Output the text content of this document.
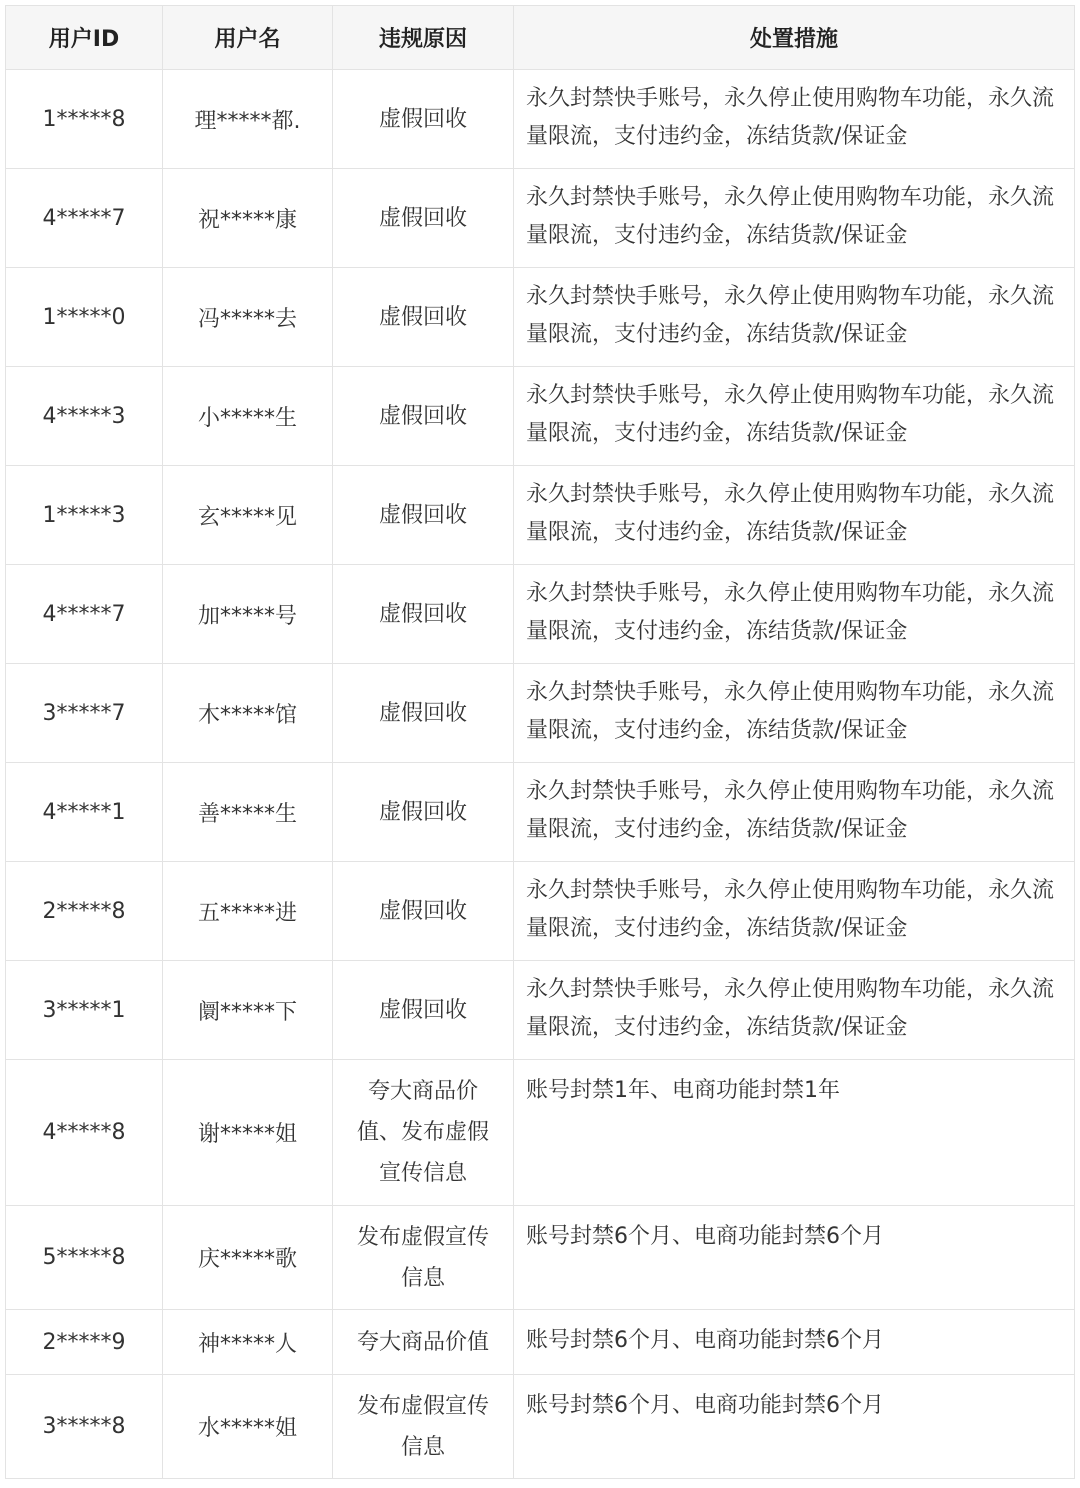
用户ID	用户名	违规原因	处置措施
1*****8	理*****都.	虚假回收	永久封禁快手账号，永久停止使用购物车功能，永久流量限流，支付违约金，冻结货款/保证金
4*****7	祝*****康	虚假回收	永久封禁快手账号，永久停止使用购物车功能，永久流量限流，支付违约金，冻结货款/保证金
1*****0	冯*****去	虚假回收	永久封禁快手账号，永久停止使用购物车功能，永久流量限流，支付违约金，冻结货款/保证金
4*****3	小*****生	虚假回收	永久封禁快手账号，永久停止使用购物车功能，永久流量限流，支付违约金，冻结货款/保证金
1*****3	玄*****见	虚假回收	永久封禁快手账号，永久停止使用购物车功能，永久流量限流，支付违约金，冻结货款/保证金
4*****7	加*****号	虚假回收	永久封禁快手账号，永久停止使用购物车功能，永久流量限流，支付违约金，冻结货款/保证金
3*****7	木*****馆	虚假回收	永久封禁快手账号，永久停止使用购物车功能，永久流量限流，支付违约金，冻结货款/保证金
4*****1	善*****生	虚假回收	永久封禁快手账号，永久停止使用购物车功能，永久流量限流，支付违约金，冻结货款/保证金
2*****8	五*****进	虚假回收	永久封禁快手账号，永久停止使用购物车功能，永久流量限流，支付违约金，冻结货款/保证金
3*****1	阛*****下	虚假回收	永久封禁快手账号，永久停止使用购物车功能，永久流量限流，支付违约金，冻结货款/保证金
4*****8	谢*****姐	夸大商品价值、发布虚假宣传信息	账号封禁1年、电商功能封禁1年
5*****8	庆*****歌	发布虚假宣传信息	账号封禁6个月、电商功能封禁6个月
2*****9	神*****人	夸大商品价值	账号封禁6个月、电商功能封禁6个月
3*****8	水*****姐	发布虚假宣传信息	账号封禁6个月、电商功能封禁6个月
